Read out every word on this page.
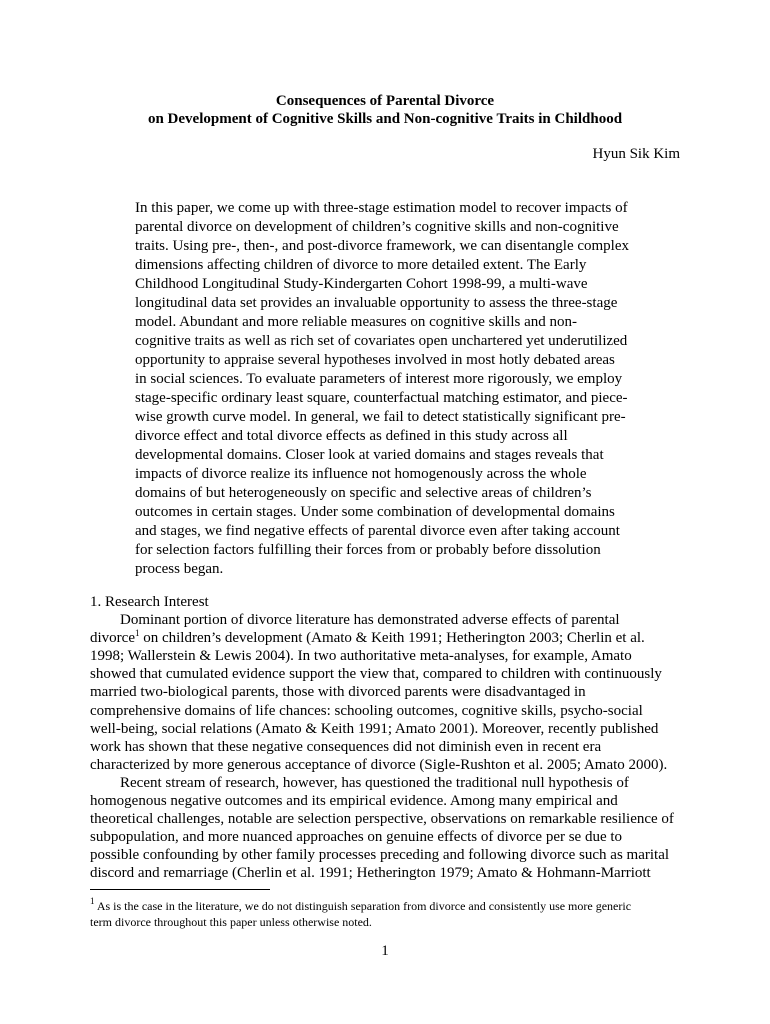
Consequences of Parental Divorce
on Development of Cognitive Skills and Non-cognitive Traits in Childhood
Hyun Sik Kim
In this paper, we come up with three-stage estimation model to recover impacts of
parental divorce on development of children’s cognitive skills and non-cognitive
traits. Using pre-, then-, and post-divorce framework, we can disentangle complex
dimensions affecting children of divorce to more detailed extent. The Early
Childhood Longitudinal Study-Kindergarten Cohort 1998-99, a multi-wave
longitudinal data set provides an invaluable opportunity to assess the three-stage
model. Abundant and more reliable measures on cognitive skills and non-
cognitive traits as well as rich set of covariates open unchartered yet underutilized
opportunity to appraise several hypotheses involved in most hotly debated areas
in social sciences. To evaluate parameters of interest more rigorously, we employ
stage-specific ordinary least square, counterfactual matching estimator, and piece-
wise growth curve model. In general, we fail to detect statistically significant pre-
divorce effect and total divorce effects as defined in this study across all
developmental domains. Closer look at varied domains and stages reveals that
impacts of divorce realize its influence not homogenously across the whole
domains of but heterogeneously on specific and selective areas of children’s
outcomes in certain stages. Under some combination of developmental domains
and stages, we find negative effects of parental divorce even after taking account
for selection factors fulfilling their forces from or probably before dissolution
process began.
1. Research Interest
Dominant portion of divorce literature has demonstrated adverse effects of parental
divorce$^1$ on children’s development (Amato & Keith 1991; Hetherington 2003; Cherlin et al.
1998; Wallerstein & Lewis 2004). In two authoritative meta-analyses, for example, Amato
showed that cumulated evidence support the view that, compared to children with continuously
married two-biological parents, those with divorced parents were disadvantaged in
comprehensive domains of life chances: schooling outcomes, cognitive skills, psycho-social
well-being, social relations (Amato & Keith 1991; Amato 2001). Moreover, recently published
work has shown that these negative consequences did not diminish even in recent era
characterized by more generous acceptance of divorce (Sigle-Rushton et al. 2005; Amato 2000).
Recent stream of research, however, has questioned the traditional null hypothesis of
homogenous negative outcomes and its empirical evidence. Among many empirical and
theoretical challenges, notable are selection perspective, observations on remarkable resilience of
subpopulation, and more nuanced approaches on genuine effects of divorce per se due to
possible confounding by other family processes preceding and following divorce such as marital
discord and remarriage (Cherlin et al. 1991; Hetherington 1979; Amato & Hohmann-Marriott
$^1$ As is the case in the literature, we do not distinguish separation from divorce and consistently use more generic
term divorce throughout this paper unless otherwise noted.
1
